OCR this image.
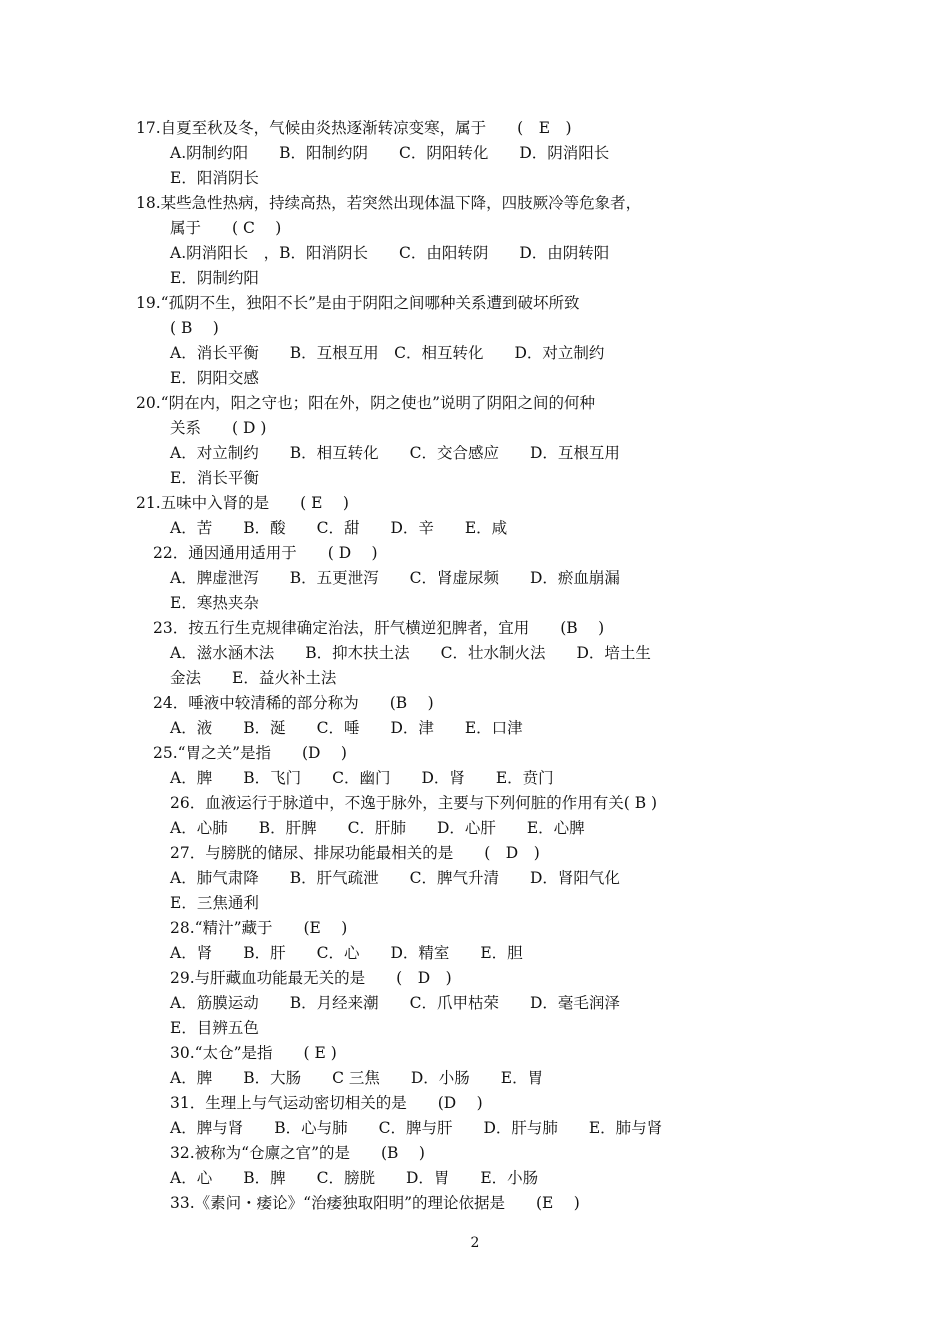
17.自夏至秋及冬，气候由炎热逐渐转凉变寒，属于　　(　E　)
A.阴制约阳　　B．阳制约阴　　C．阴阳转化　　D．阴消阳长
E．阳消阴长
18.某些急性热病，持续高热，若突然出现体温下降，四肢厥冷等危象者，
属于　　( C　 )
A.阴消阳长　，B．阳消阴长　　C．由阳转阴　　D．由阴转阳
E．阴制约阳
19.“孤阴不生，独阳不长”是由于阴阳之间哪种关系遭到破坏所致
( B　 )
A．消长平衡　　B．互根互用　C．相互转化　　D．对立制约
E．阴阳交感
20.“阴在内，阳之守也；阳在外，阴之使也”说明了阴阳之间的何种
关系　　( D )
A．对立制约　　B．相互转化　　C．交合感应　　D．互根互用
E．消长平衡
21.五味中入肾的是　　( E　 )
A．苦　　B．酸　　C．甜　　D．辛　　E．咸
22．通因通用适用于　　( D　 )
A．脾虚泄泻　　B．五更泄泻　　C．肾虚尿频　　D．瘀血崩漏
E．寒热夹杂
23．按五行生克规律确定治法，肝气横逆犯脾者，宜用　　(B　 )
A．滋水涵木法　　B．抑木扶土法　　C．壮水制火法　　D．培土生
金法　　E．益火补土法
24．唾液中较清稀的部分称为　　(B　 )
A．液　　B．涎　　C．唾　　D．津　　E．口津
25.“胃之关”是指　　(D　 )
A．脾　　B．飞门　　C．幽门　　D．肾　　E．贲门
26．血液运行于脉道中，不逸于脉外，主要与下列何脏的作用有关( B )
A．心肺　　B．肝脾　　C．肝肺　　D．心肝　　E．心脾
27．与膀胱的储尿、排尿功能最相关的是　　(　D　)
A．肺气肃降　　B．肝气疏泄　　C．脾气升清　　D．肾阳气化
E．三焦通利
28.“精汁”藏于　　(E　 )
A．肾　　B．肝　　C．心　　D．精室　　E．胆
29.与肝藏血功能最无关的是　　(　D　)
A．筋膜运动　　B．月经来潮　　C．爪甲枯荣　　D．毫毛润泽
E．目辨五色
30.“太仓”是指　　( E )
A．脾　　B．大肠　　C 三焦　　D．小肠　　E．胃
31．生理上与气运动密切相关的是　　(D　 )
A．脾与肾　　B．心与肺　　C．脾与肝　　D．肝与肺　　E．肺与肾
32.被称为“仓廪之官”的是　　(B　 )
A．心　　B．脾　　C．膀胱　　D．胃　　E．小肠
33.《素问・痿论》“治痿独取阳明”的理论依据是　　(E　 )
2
